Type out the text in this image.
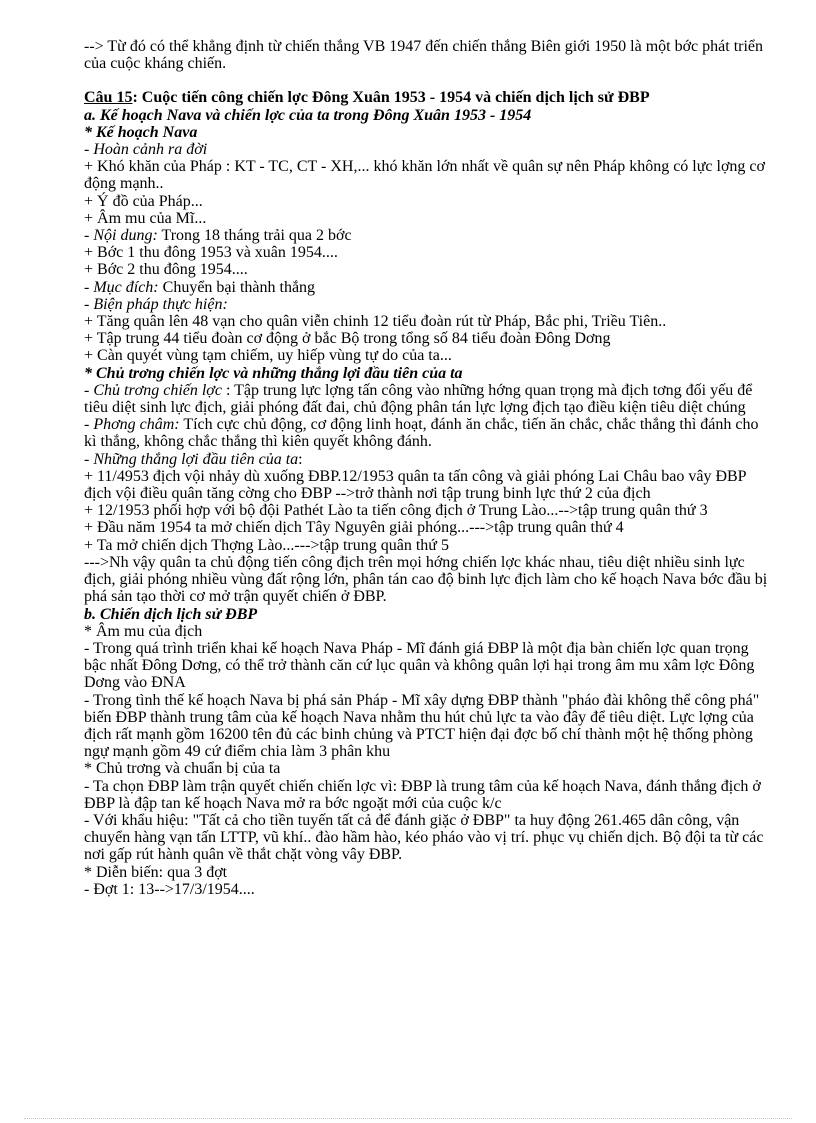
--> Từ đó có thể khẳng định từ chiến thắng VB 1947 đến chiến thắng Biên giới 1950 là một bớc phát triển của cuộc kháng chiến.

Câu 15: Cuộc tiến công chiến lợc Đông Xuân 1953 - 1954 và chiến dịch lịch sử ĐBP

a. Kế hoạch Nava và chiến lợc của ta trong Đông Xuân 1953 - 1954

* Kế hoạch Nava

- Hoàn cảnh ra đời

+ Khó khăn của Pháp : KT - TC, CT - XH,... khó khăn lớn nhất về quân sự nên Pháp không có lực lợng cơ động mạnh..

+ Ý đồ của Pháp...

+ Âm mu của Mĩ...

- Nội dung: Trong 18 tháng trải qua 2 bớc

+ Bớc 1 thu đông 1953 và xuân 1954....

+ Bớc 2 thu đông 1954....

- Mục đích: Chuyển bại thành thắng

- Biện pháp thực hiện:

+ Tăng quân lên 48 vạn cho quân viễn chinh 12 tiểu đoàn rút từ Pháp, Bắc phi, Triều Tiên..

+ Tập trung 44 tiểu đoàn cơ động ở bắc Bộ trong tổng số 84 tiểu đoàn Đông Dơng

+ Càn quyét vùng tạm chiếm, uy hiếp vùng tự do của ta...

* Chủ trơng chiến lợc và những thắng lợi đầu tiên của ta

- Chủ trơng chiến lợc : Tập trung lực lợng tấn công vào những hớng quan trọng mà địch tơng đối yếu để tiêu diệt sinh lực địch, giải phóng đất đai, chủ động phân tán lực lợng địch tạo điều kiện tiêu diệt chúng

- Phơng châm: Tích cực chủ động, cơ động linh hoạt, đánh ăn chắc, tiến ăn chắc, chắc thắng thì đánh cho kì thắng, không chắc thắng thì kiên quyết không đánh.

- Những thắng lợi đầu tiên của ta:

+ 11/4953 địch vội nhảy dù xuống ĐBP.12/1953 quân ta tấn công và giải phóng Lai Châu bao vây ĐBP địch vội điều quân tăng cờng cho ĐBP -->trở thành nơi tập trung binh lực thứ 2 của địch

+ 12/1953 phối hợp với bộ đội Pathét Lào ta tiến công địch ở Trung Lào...-->tập trung quân thứ 3

+ Đầu năm 1954 ta mở chiến dịch Tây Nguyên giải phóng...--->tập trung quân thứ 4

+ Ta mở chiến dịch Thợng Lào...--->tập trung quân thứ 5

--->Nh vậy quân ta chủ động tiến công địch trên mọi hớng chiến lợc khác nhau, tiêu diệt nhiều sinh lực địch, giải phóng nhiều vùng đất rộng lớn, phân tán cao độ binh lực địch làm cho kế hoạch Nava bớc đầu bị phá sản tạo thời cơ mở trận quyết chiến ở ĐBP.

b. Chiến dịch lịch sử ĐBP

* Âm mu của địch

- Trong quá trình triển khai kế hoạch Nava Pháp - Mĩ đánh giá ĐBP là một địa bàn chiến lợc quan trọng bậc nhất Đông Dơng, có thể trở thành căn cứ lục quân và không quân lợi hại trong âm mu xâm lợc Đông Dơng vào ĐNA

- Trong tình thế kế hoạch Nava bị phá sản Pháp - Mĩ xây dựng ĐBP thành "pháo đài không thể công phá" biến ĐBP thành trung tâm của kế hoạch Nava nhằm thu hút chủ lực ta vào đây để tiêu diệt. Lực lợng của địch rất mạnh gồm 16200 tên đủ các binh chủng và PTCT hiện đại đợc bố chí thành một hệ thống phòng ngự mạnh gồm 49 cứ điểm chia làm 3 phân khu

* Chủ trơng và chuẩn bị của ta

- Ta chọn ĐBP làm trận quyết chiến chiến lợc vì: ĐBP là trung tâm của kế hoạch Nava, đánh thắng địch ở ĐBP là đập tan kế hoạch Nava mở ra bớc ngoặt mới của cuộc k/c

- Với khẩu hiệu: "Tất cả cho tiền tuyến tất cả để đánh giặc ở ĐBP" ta huy động 261.465 dân công, vận chuyển hàng vạn tấn LTTP, vũ khí.. đào hầm hào, kéo pháo vào vị trí. phục vụ chiến dịch. Bộ đội ta từ các nơi gấp rút hành quân về thắt chặt vòng vây ĐBP.

* Diễn biến: qua 3 đợt

- Đợt 1: 13-->17/3/1954....
